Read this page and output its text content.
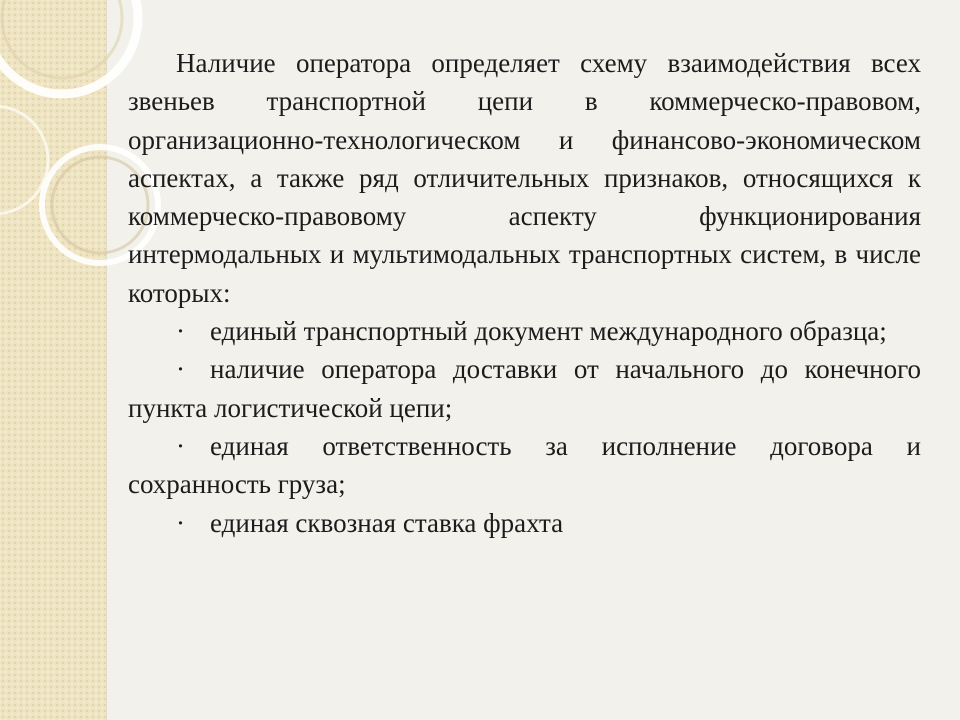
Наличие оператора определяет схему взаимодействия всех звеньев транспортной цепи в коммерческо-правовом, организационно-технологическом и финансово-экономическом аспектах, а также ряд отличительных признаков, относящихся к коммерческо-правовому аспекту функционирования интермодальных и мультимодальных транспортных систем, в числе которых:

· единый транспортный документ международного образца;

· наличие оператора доставки от начального до конечного пункта логистической цепи;

· единая ответственность за исполнение договора и сохранность груза;

· единая сквозная ставка фрахта
